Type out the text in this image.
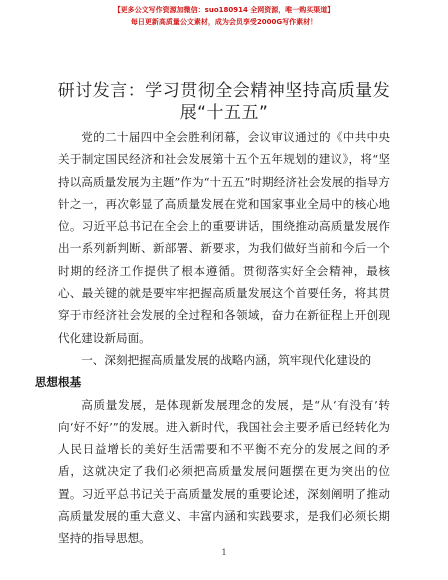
【更多公文写作资源加微信：suo180914 全网资源，唯一购买渠道】
每日更新高质量公文素材，成为会员享受2000G写作素材！
研讨发言：学习贯彻全会精神坚持高质量发展“十五五”

党的二十届四中全会胜利闭幕，会议审议通过的《中共中央关于制定国民经济和社会发展第十五个五年规划的建议》，将“坚持以高质量发展为主题”作为“十五五”时期经济社会发展的指导方针之一，再次彰显了高质量发展在党和国家事业全局中的核心地位。习近平总书记在全会上的重要讲话，围绕推动高质量发展作出一系列新判断、新部署、新要求，为我们做好当前和今后一个时期的经济工作提供了根本遵循。贯彻落实好全会精神，最核心、最关键的就是要牢牢把握高质量发展这个首要任务，将其贯穿于市经济社会发展的全过程和各领域，奋力在新征程上开创现代化建设新局面。

一、深刻把握高质量发展的战略内涵，筑牢现代化建设的
思想根基

高质量发展，是体现新发展理念的发展，是“从‘有没有’转向‘好不好’”的发展。进入新时代，我国社会主要矛盾已经转化为人民日益增长的美好生活需要和不平衡不充分的发展之间的矛盾，这就决定了我们必须把高质量发展问题摆在更为突出的位置。习近平总书记关于高质量发展的重要论述，深刻阐明了推动高质量发展的重大意义、丰富内涵和实践要求，是我们必须长期坚持的指导思想。

1
